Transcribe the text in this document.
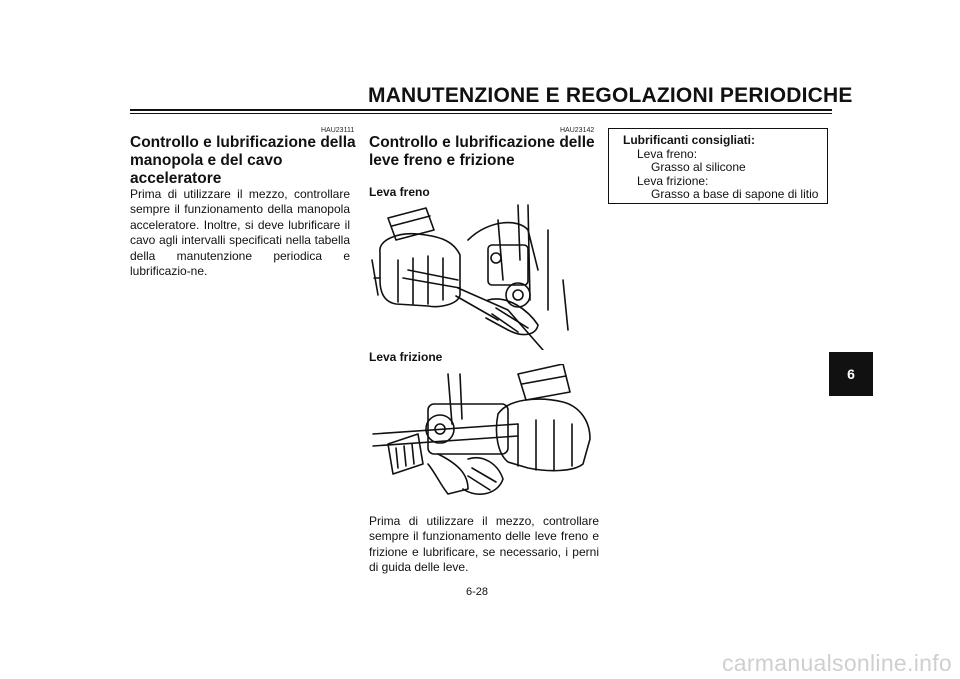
MANUTENZIONE E REGOLAZIONI PERIODICHE
HAU23111
Controllo e lubrificazione della
manopola e del cavo
acceleratore

Prima di utilizzare il mezzo, controllare sempre il funzionamento della manopola acceleratore. Inoltre, si deve lubrificare il cavo agli intervalli specificati nella tabella della manutenzione periodica e lubrificazio-ne.

HAU23142
Controllo e lubrificazione delle
leve freno e frizione
Leva freno
Leva frizione

Prima di utilizzare il mezzo, controllare sempre il funzionamento delle leve freno e frizione e lubrificare, se necessario, i perni di guida delle leve.

Lubrificanti consigliati:
Leva freno:
Grasso al silicone
Leva frizione:
Grasso a base di sapone di litio
6
6-28
carmanualsonline.info
